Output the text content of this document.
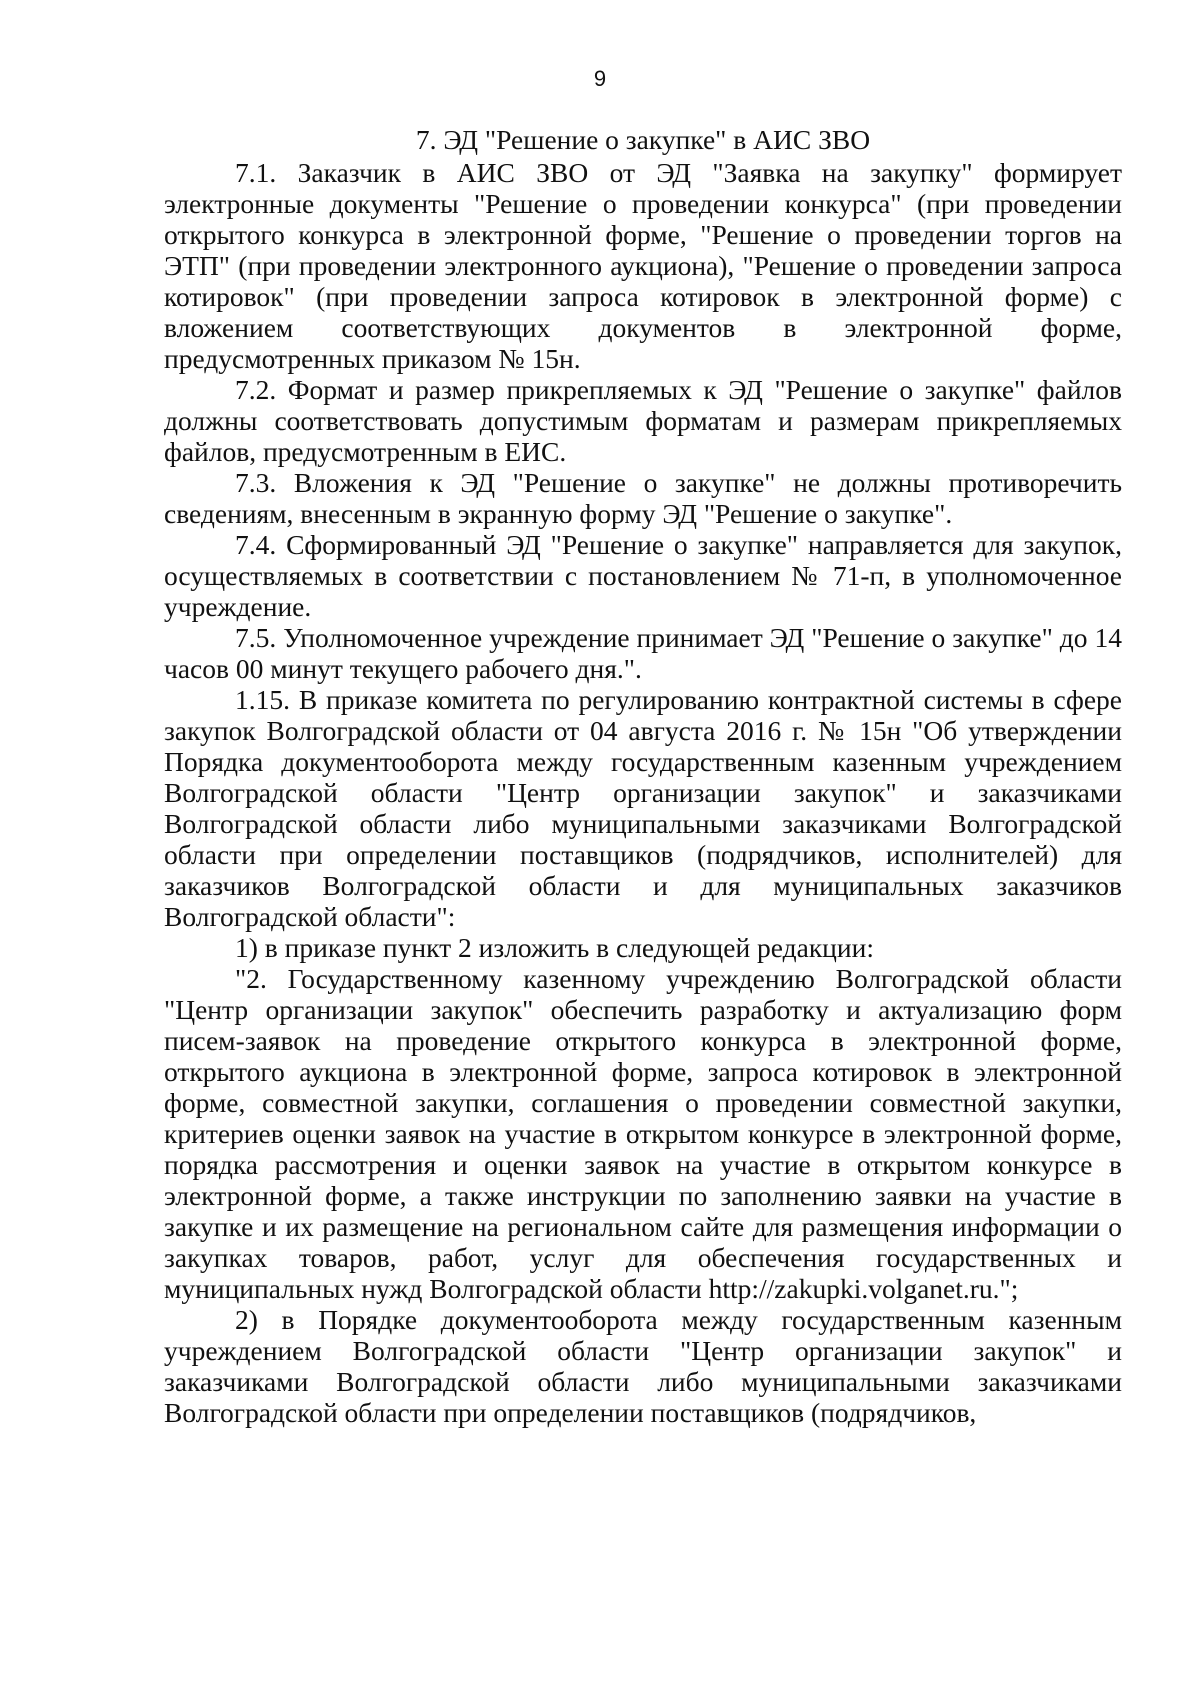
9

7. ЭД "Решение о закупке" в АИС ЗВО

7.1. Заказчик в АИС ЗВО от ЭД "Заявка на закупку" формирует электронные документы "Решение о проведении конкурса" (при проведении открытого конкурса в электронной форме, "Решение о проведении торгов на ЭТП" (при проведении электронного аукциона), "Решение о проведении запроса котировок" (при проведении запроса котировок в электронной форме) с вложением соответствующих документов в электронной форме, предусмотренных приказом № 15н.

7.2. Формат и размер прикрепляемых к ЭД "Решение о закупке" файлов должны соответствовать допустимым форматам и размерам прикрепляемых файлов, предусмотренным в ЕИС.

7.3. Вложения к ЭД "Решение о закупке" не должны противоречить сведениям, внесенным в экранную форму ЭД "Решение о закупке".

7.4. Сформированный ЭД "Решение о закупке" направляется для закупок, осуществляемых в соответствии с постановлением № 71-п, в уполномоченное учреждение.

7.5. Уполномоченное учреждение принимает ЭД "Решение о закупке" до 14 часов 00 минут текущего рабочего дня.".

1.15. В приказе комитета по регулированию контрактной системы в сфере закупок Волгоградской области от 04 августа 2016 г. № 15н "Об утверждении Порядка документооборота между государственным казенным учреждением Волгоградской области "Центр организации закупок" и заказчиками Волгоградской области либо муниципальными заказчиками Волгоградской области при определении поставщиков (подрядчиков, исполнителей) для заказчиков Волгоградской области и для муниципальных заказчиков Волгоградской области":

1) в приказе пункт 2 изложить в следующей редакции:

"2. Государственному казенному учреждению Волгоградской области "Центр организации закупок" обеспечить разработку и актуализацию форм писем-заявок на проведение открытого конкурса в электронной форме, открытого аукциона в электронной форме, запроса котировок в электронной форме, совместной закупки, соглашения о проведении совместной закупки, критериев оценки заявок на участие в открытом конкурсе в электронной форме, порядка рассмотрения и оценки заявок на участие в открытом конкурсе в электронной форме, а также инструкции по заполнению заявки на участие в закупке и их размещение на региональном сайте для размещения информации о закупках товаров, работ, услуг для обеспечения государственных и муниципальных нужд Волгоградской области http://zakupki.volganet.ru.";

2) в Порядке документооборота между государственным казенным учреждением Волгоградской области "Центр организации закупок" и заказчиками Волгоградской области либо муниципальными заказчиками Волгоградской области при определении поставщиков (подрядчиков,
